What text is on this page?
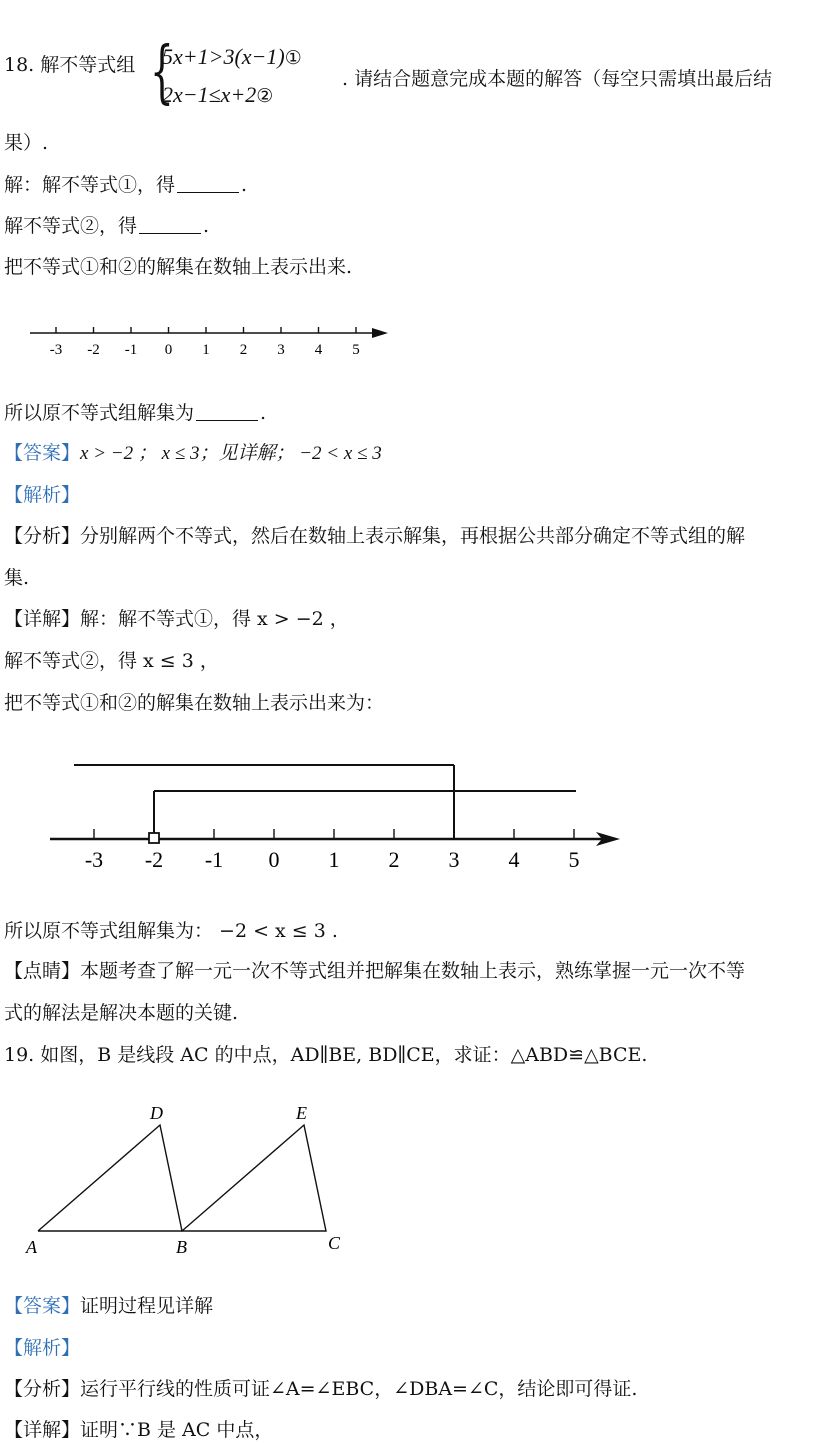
18. 解不等式组 {
5x+1>3(x−1)①
2x−1≤x+2②
. 请结合题意完成本题的解答（每空只需填出最后结
果）.
解：解不等式①，得	.
解不等式②，得	.
把不等式①和②的解集在数轴上表示出来.
-3 -2 -1 0 1 2 3 4 5
所以原不等式组解集为	.
【答案】x > −2 ； x ≤ 3；见详解； −2 < x ≤ 3
【解析】
【分析】分别解两个不等式，然后在数轴上表示解集，再根据公共部分确定不等式组的解
集.
【详解】解：解不等式①，得 x > −2 ，
解不等式②，得 x ≤ 3 ，
把不等式①和②的解集在数轴上表示出来为：
-3 -2 -1 0 1 2 3 4 5
所以原不等式组解集为： −2 < x ≤ 3 .
【点睛】本题考查了解一元一次不等式组并把解集在数轴上表示，熟练掌握一元一次不等
式的解法是解决本题的关键.
19. 如图，B 是线段 AC 的中点，AD∥BE, BD∥CE，求证：△ABD≌△BCE.
A	B	C
D	E
【答案】证明过程见详解
【解析】
【分析】运行平行线的性质可证∠A=∠EBC，∠DBA=∠C，结论即可得证.
【详解】证明∵B 是 AC 中点，
